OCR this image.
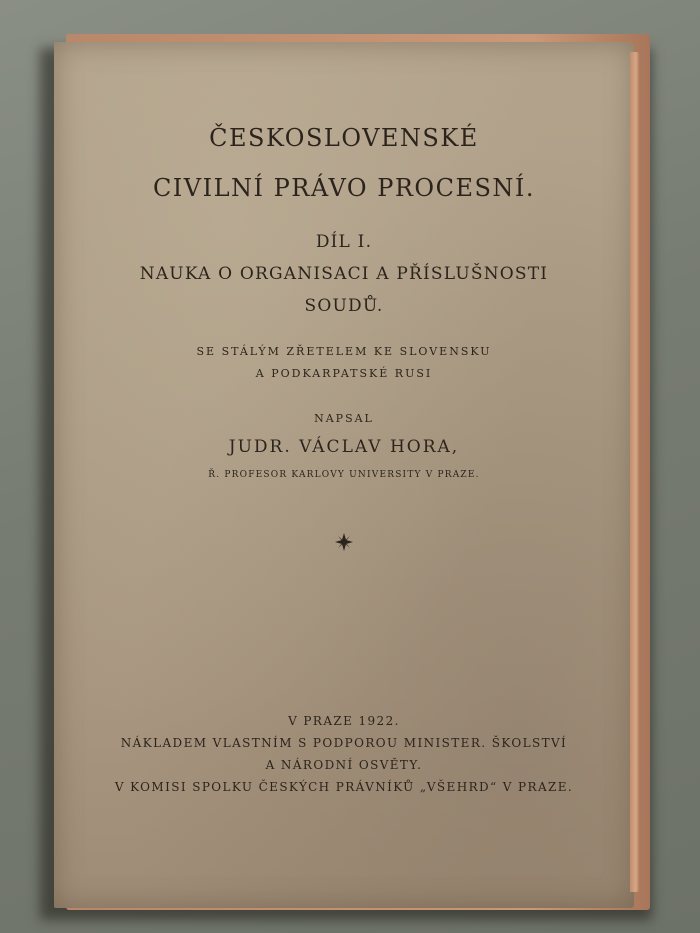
ČESKOSLOVENSKÉ
CIVILNÍ PRÁVO PROCESNÍ.
DÍL I.
NAUKA O ORGANISACI A PŘÍSLUŠNOSTI
SOUDŮ.
SE STÁLÝM ZŘETELEM KE SLOVENSKU
A PODKARPATSKÉ RUSI
NAPSAL
JUDR. VÁCLAV HORA,
Ř. PROFESOR KARLOVY UNIVERSITY V PRAZE.
V PRAZE 1922.
NÁKLADEM VLASTNÍM S PODPOROU MINISTER. ŠKOLSTVÍ
A NÁRODNÍ OSVĚTY.
V KOMISI SPOLKU ČESKÝCH PRÁVNÍKŮ „VŠEHRD“ V PRAZE.
